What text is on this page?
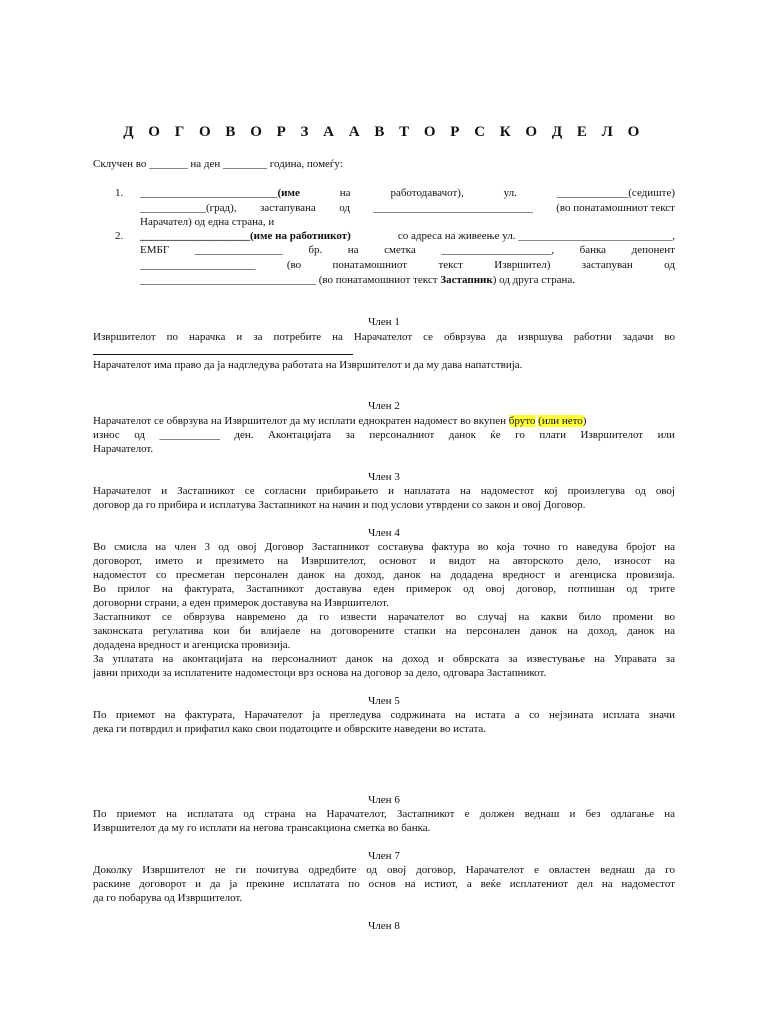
Д О Г О В О Р З А А В Т О Р С К О Д Е Л О
Склучен во _______ на ден ________ година, помеѓу:
1. _________________________(име	на	работодавачот),	ул.	_____________(седиште)
____________(град), застапувана од _____________________________ (во понатамошниот текст
Нарачател) од една страна, и
2. ____________________(име на работникот)	со адреса на живеење ул. ____________________________,
ЕМБГ ________________ бр. на сметка ____________________, банка депонент
_____________________	(во	понатамошниот	текст	Извршител)	застапуван	од
________________________________ (во понатамошниот текст Застапник) од друга страна.
Член 1
Извршителот по нарачка и за потребите на Нарачателот се обврзува да извршува работни задачи во
Нарачателот има право да ја надгледува работата на Извршителот и да му дава напатствија.
Член 2
Нарачателот се обврзува на Извршителот да му исплати еднократен надомест во вкупен бруто (или нето)
износ од ___________ ден. Аконтацијата за персоналниот данок ќе го плати Извршителот или
Нарачателот.
Член 3
Нарачателот и Застапникот се согласни прибирањето и наплатата на надоместот кој произлегува од овој
договор да го прибира и исплатува Застапникот на начин и под услови утврдени со закон и овој Договор.
Член 4
Во смисла на член 3 од овој Договор Застапникот составува фактура во која точно го наведува бројот на
договорот, името и презимето на Извршителот, основот и видот на авторското дело, износот на
надоместот со пресметан персонален данок на доход, данок на додадена вредност и агенциска провизија.
Во прилог на фактурата, Застапникот доставува еден примерок од овој договор, потпишан од трите
договорни страни, а еден примерок доставува на Извршителот.
Застапникот се обврзува навремено да го извести нарачателот во случај на какви било промени во
законската регулатива кои би влијаеле на договорените стапки на персонален данок на доход, данок на
додадена вредност и агенциска провизија.
За уплатата на аконтацијата на персоналниот данок на доход и обврската за известување на Управата за
јавни приходи за исплатените надоместоци врз основа на договор за дело, одговара Застапникот.
Член 5
По приемот на фактурата, Нарачателот ја прегледува содржината на истата а со нејзината исплата значи
дека ги потврдил и прифатил како свои податоците и обврските наведени во истата.
Член 6
По приемот на исплатата од страна на Нарачателот, Застапникот е должен веднаш и без одлагање на
Извршителот да му го исплати на негова трансакциона сметка во банка.
Член 7
Доколку Извршителот не ги почитува одредбите од овој договор, Нарачателот е овластен веднаш да го
раскине договорот и да ја прекине исплатата по основ на истиот, а веќе исплатениот дел на надоместот
да го побарува од Извршителот.
Член 8
